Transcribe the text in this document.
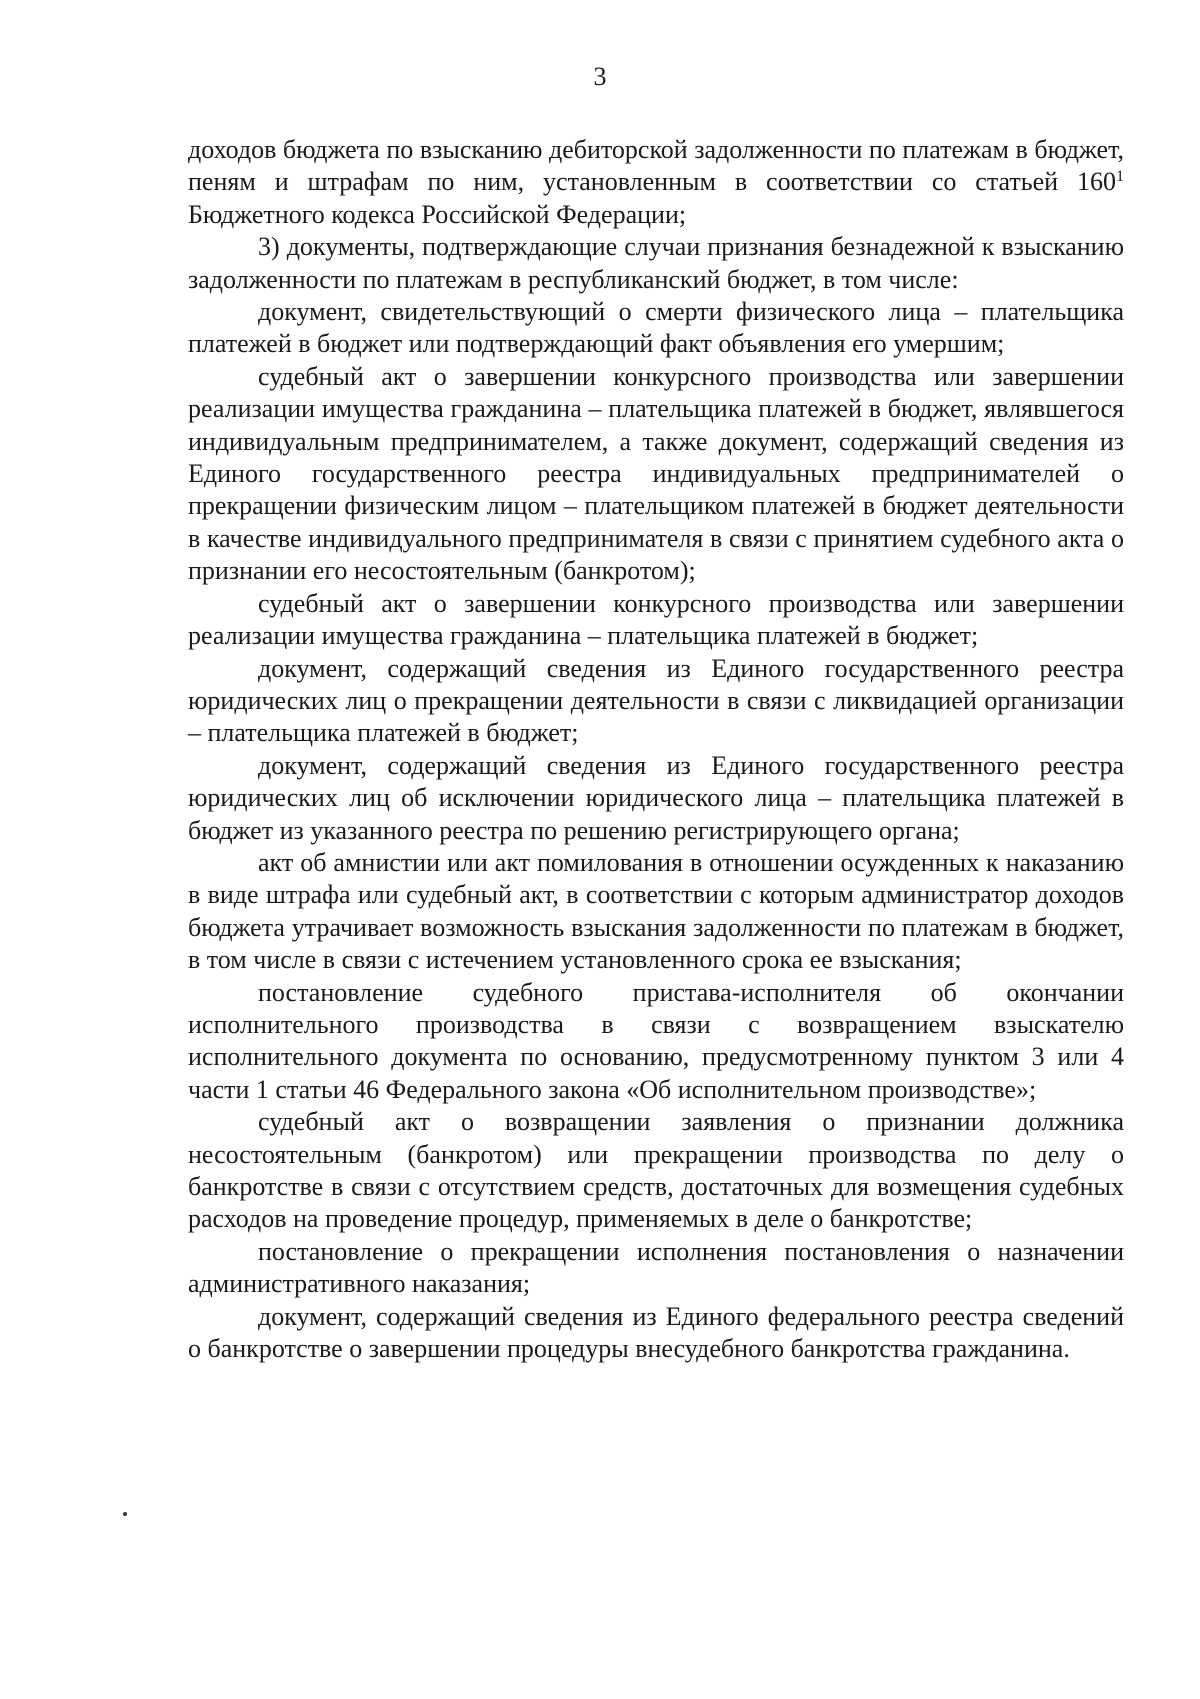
3

доходов бюджета по взысканию дебиторской задолженности по платежам в бюджет, пеням и штрафам по ним, установленным в соответствии со статьей $160^1$ Бюджетного кодекса Российской Федерации;

3) документы, подтверждающие случаи признания безнадежной к взысканию задолженности по платежам в республиканский бюджет, в том числе:

документ, свидетельствующий о смерти физического лица – плательщика платежей в бюджет или подтверждающий факт объявления его умершим;

судебный акт о завершении конкурсного производства или завершении реализации имущества гражданина – плательщика платежей в бюджет, являвшегося индивидуальным предпринимателем, а также документ, содержащий сведения из Единого государственного реестра индивидуальных предпринимателей о прекращении физическим лицом – плательщиком платежей в бюджет деятельности в качестве индивидуального предпринимателя в связи с принятием судебного акта о признании его несостоятельным (банкротом);

судебный акт о завершении конкурсного производства или завершении реализации имущества гражданина – плательщика платежей в бюджет;

документ, содержащий сведения из Единого государственного реестра юридических лиц о прекращении деятельности в связи с ликвидацией организации – плательщика платежей в бюджет;

документ, содержащий сведения из Единого государственного реестра юридических лиц об исключении юридического лица – плательщика платежей в бюджет из указанного реестра по решению регистрирующего органа;

акт об амнистии или акт помилования в отношении осужденных к наказанию в виде штрафа или судебный акт, в соответствии с которым администратор доходов бюджета утрачивает возможность взыскания задолженности по платежам в бюджет, в том числе в связи с истечением установленного срока ее взыскания;

постановление судебного пристава-исполнителя об окончании исполнительного производства в связи с возвращением взыскателю исполнительного документа по основанию, предусмотренному пунктом 3 или 4 части 1 статьи 46 Федерального закона «Об исполнительном производстве»;

судебный акт о возвращении заявления о признании должника несостоятельным (банкротом) или прекращении производства по делу о банкротстве в связи с отсутствием средств, достаточных для возмещения судебных расходов на проведение процедур, применяемых в деле о банкротстве;

постановление о прекращении исполнения постановления о назначении административного наказания;

документ, содержащий сведения из Единого федерального реестра сведений о банкротстве о завершении процедуры внесудебного банкротства гражданина.
